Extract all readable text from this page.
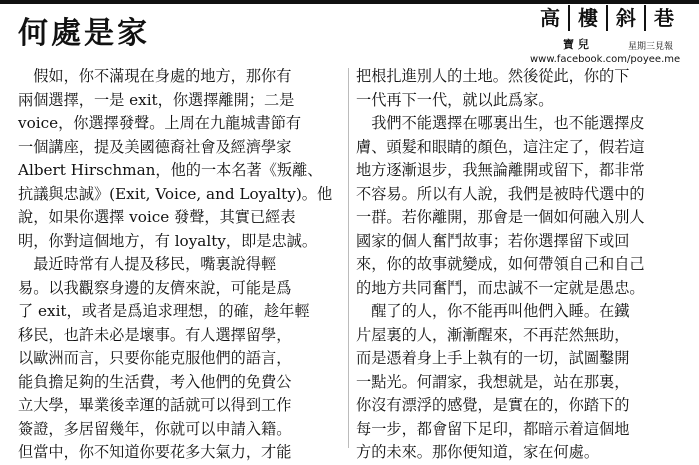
何處是家	高 樓 斜 巷
寶 兒	星期三見報
www.facebook.com/poyee.me
　假如，你不滿現在身處的地方，那你有
兩個選擇，一是 exit，你選擇離開；二是
voice，你選擇發聲。上周在九龍城書節有
一個講座，提及美國德裔社會及經濟學家
Albert Hirschman，他的一本名著《叛離、
抗議與忠誠》(Exit, Voice, and Loyalty)。他
說，如果你選擇 voice 發聲，其實已經表
明，你對這個地方，有 loyalty，即是忠誠。
　最近時常有人提及移民，嘴裏說得輕
易。以我觀察身邊的友儕來說，可能是爲
了 exit，或者是爲追求理想，的確，趁年輕
移民，也許未必是壞事。有人選擇留學，
以歐洲而言，只要你能克服他們的語言，
能負擔足夠的生活費，考入他們的免費公
立大學，畢業後幸運的話就可以得到工作
簽證，多居留幾年，你就可以申請入籍。
但當中，你不知道你要花多大氣力，才能
把根扎進別人的土地。然後從此，你的下
一代再下一代，就以此爲家。
　我們不能選擇在哪裏出生，也不能選擇皮
膚、頭髮和眼睛的顏色，這注定了，假若這
地方逐漸退步，我無論離開或留下，都非常
不容易。所以有人說，我們是被時代選中的
一群。若你離開，那會是一個如何融入別人
國家的個人奮鬥故事；若你選擇留下或回
來，你的故事就變成，如何帶領自己和自己
的地方共同奮鬥，而忠誠不一定就是愚忠。
　醒了的人，你不能再叫他們入睡。在鐵
片屋裏的人，漸漸醒來，不再茫然無助，
而是憑着身上手上執有的一切，試圖鑿開
一點光。何謂家，我想就是，站在那裏，
你沒有漂浮的感覺，是實在的，你踏下的
每一步，都會留下足印，都暗示着這個地
方的未來。那你便知道，家在何處。
